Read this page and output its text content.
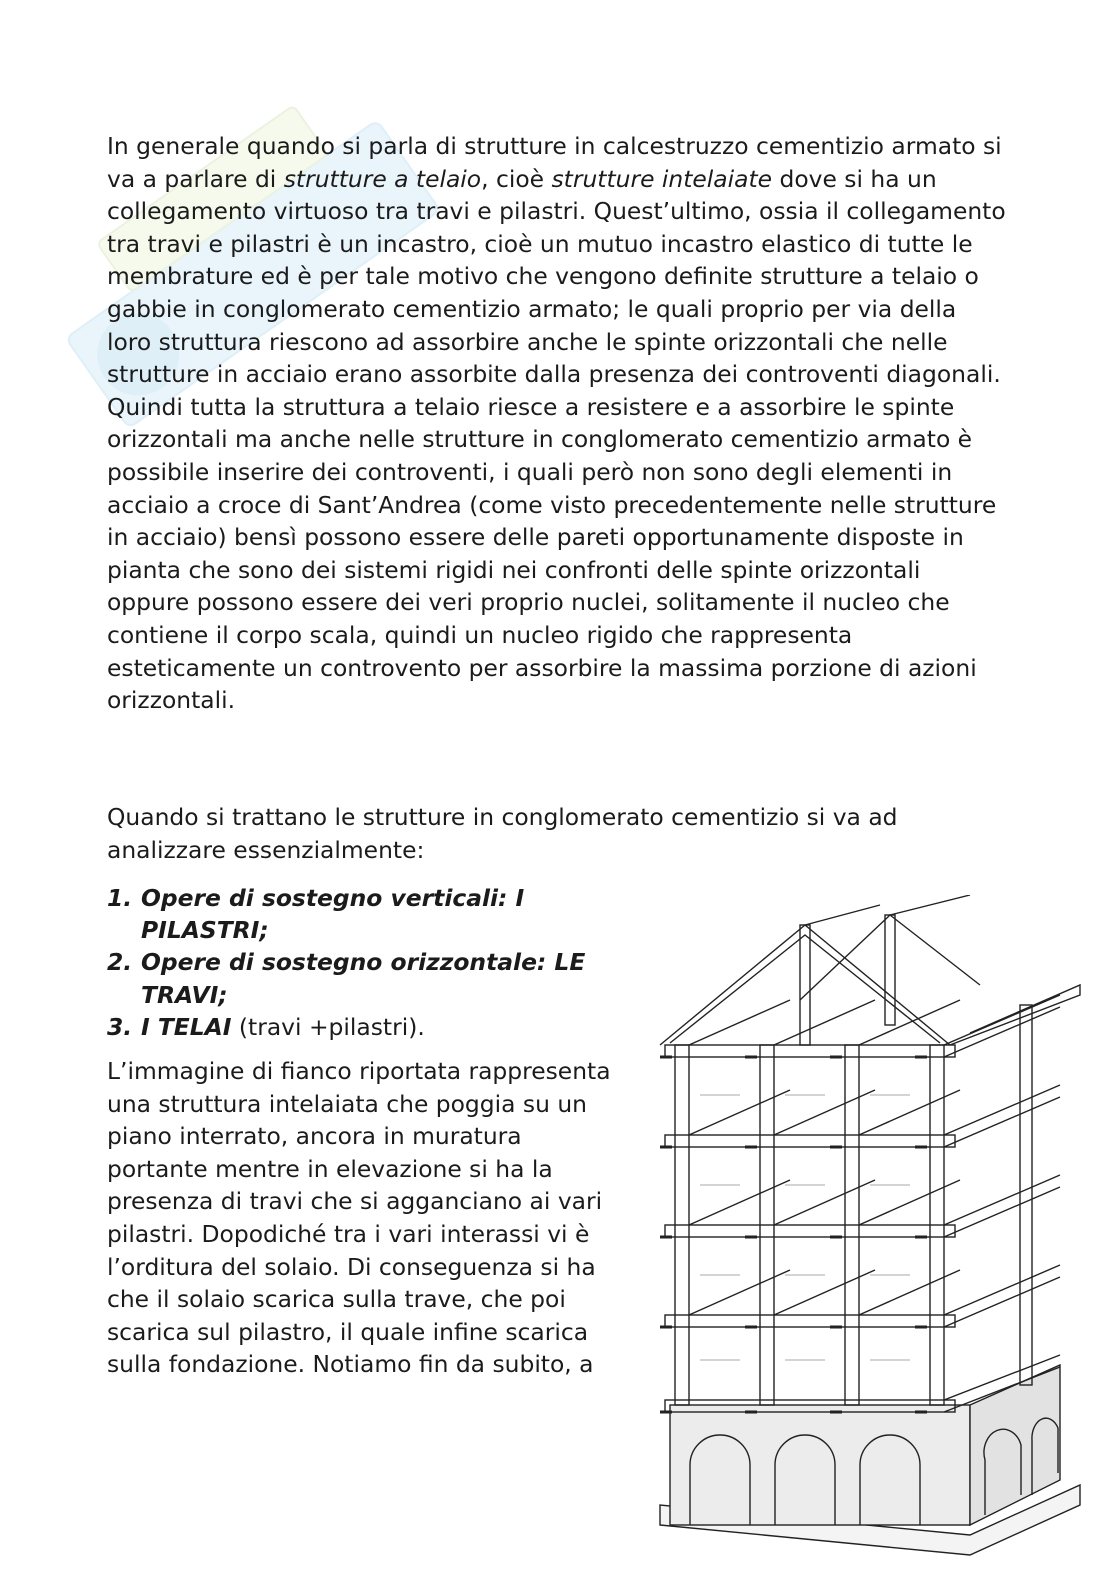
In generale quando si parla di strutture in calcestruzzo cementizio armato si va a parlare di strutture a telaio, cioè strutture intelaiate dove si ha un collegamento virtuoso tra travi e pilastri. Quest’ultimo, ossia il collegamento tra travi e pilastri è un incastro, cioè un mutuo incastro elastico di tutte le membrature ed è per tale motivo che vengono definite strutture a telaio o gabbie in conglomerato cementizio armato; le quali proprio per via della loro struttura riescono ad assorbire anche le spinte orizzontali che nelle strutture in acciaio erano assorbite dalla presenza dei controventi diagonali. Quindi tutta la struttura a telaio riesce a resistere e a assorbire le spinte orizzontali ma anche nelle strutture in conglomerato cementizio armato è possibile inserire dei controventi, i quali però non sono degli elementi in acciaio a croce di Sant’Andrea (come visto precedentemente nelle strutture in acciaio) bensì possono essere delle pareti opportunamente disposte in pianta che sono dei sistemi rigidi nei confronti delle spinte orizzontali oppure possono essere dei veri proprio nuclei, solitamente il nucleo che contiene il corpo scala, quindi un nucleo rigido che rappresenta esteticamente un controvento per assorbire la massima porzione di azioni orizzontali.

Quando si trattano le strutture in conglomerato cementizio si va ad analizzare essenzialmente:

1. Opere di sostegno verticali: I PILASTRI;
2. Opere di sostegno orizzontale: LE TRAVI;
3. I TELAI (travi +pilastri).

L’immagine di fianco riportata rappresenta una struttura intelaiata che poggia su un piano interrato, ancora in muratura portante mentre in elevazione si ha la presenza di travi che si agganciano ai vari pilastri. Dopodiché tra i vari interassi vi è l’orditura del solaio. Di conseguenza si ha che il solaio scarica sulla trave, che poi scarica sul pilastro, il quale infine scarica sulla fondazione. Notiamo fin da subito, a
